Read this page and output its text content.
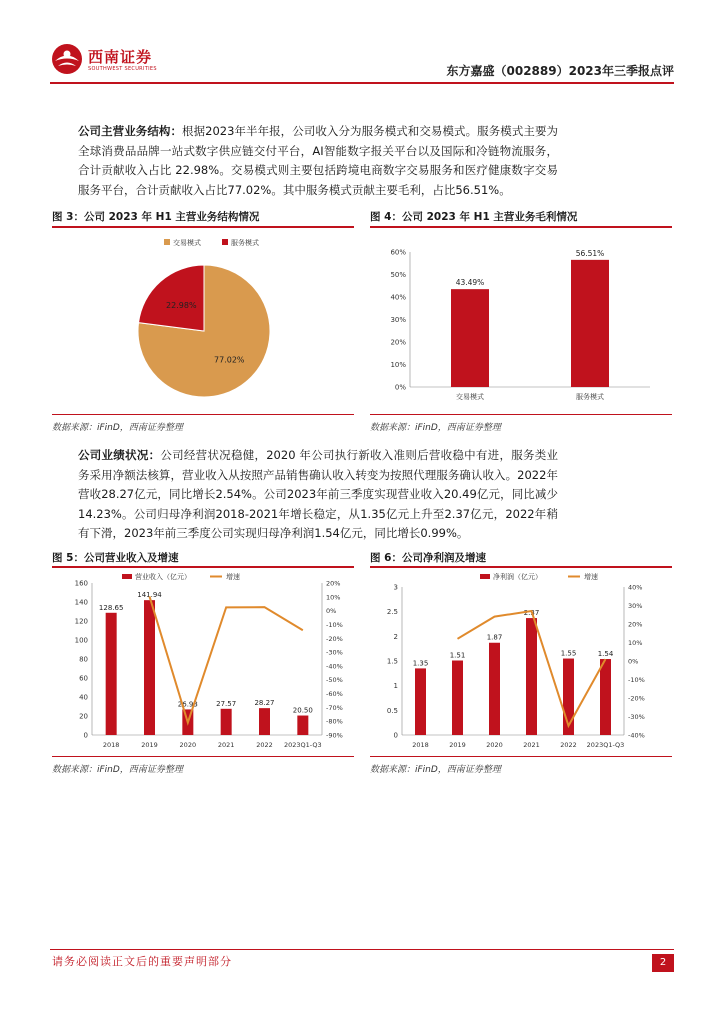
西南证券
SOUTHWEST SECURITIES	东方嘉盛（002889）2023年三季报点评
公司主营业务结构：根据2023年半年报，公司收入分为服务模式和交易模式。服务模式主要为全球消费品品牌一站式数字供应链交付平台，AI智能数字报关平台以及国际和冷链物流服务，合计贡献收入占比 22.98%。交易模式则主要包括跨境电商数字交易服务和医疗健康数字交易服务平台，合计贡献收入占比77.02%。其中服务模式贡献主要毛利，占比56.51%。
图 3：公司 2023 年 H1 主营业务结构情况
交易模式	服务模式
77.02%
22.98%
数据来源：iFinD，西南证券整理
图 4：公司 2023 年 H1 主营业务毛利情况
0%
10%
20%
30%
40%
50%
60%
43.49%
交易模式
56.51%
服务模式
数据来源：iFinD，西南证券整理
公司业绩状况：公司经营状况稳健，2020 年公司执行新收入准则后营收稳中有进，服务类业务采用净额法核算，营业收入从按照产品销售确认收入转变为按照代理服务确认收入。2022年营收28.27亿元，同比增长2.54%。公司2023年前三季度实现营业收入20.49亿元，同比减少14.23%。公司归母净利润2018-2021年增长稳定，从1.35亿元上升至2.37亿元，2022年稍有下滑，2023年前三季度公司实现归母净利润1.54亿元，同比增长0.99%。
图 5：公司营业收入及增速
营业收入（亿元）	增速
0
20
40
60
80
100
120
140
160	20%
10%
0%
-10%
-20%
-30%
-40%
-50%
-60%
-70%
-80%
-90%
128.65
2018
141.94
2019
26.93
2020
27.57
2021
28.27
2022
20.50
2023Q1-Q3
数据来源：iFinD，西南证券整理
图 6：公司净利润及增速
净利润（亿元）	增速
0
0.5
1
1.5
2
2.5
3	40%
30%
20%
10%
0%
-10%
-20%
-30%
-40%
1.35
2018
1.51
2019
1.87
2020
2.37
2021
1.55
2022
1.54
2023Q1-Q3
数据来源：iFinD，西南证券整理
请务必阅读正文后的重要声明部分	2
